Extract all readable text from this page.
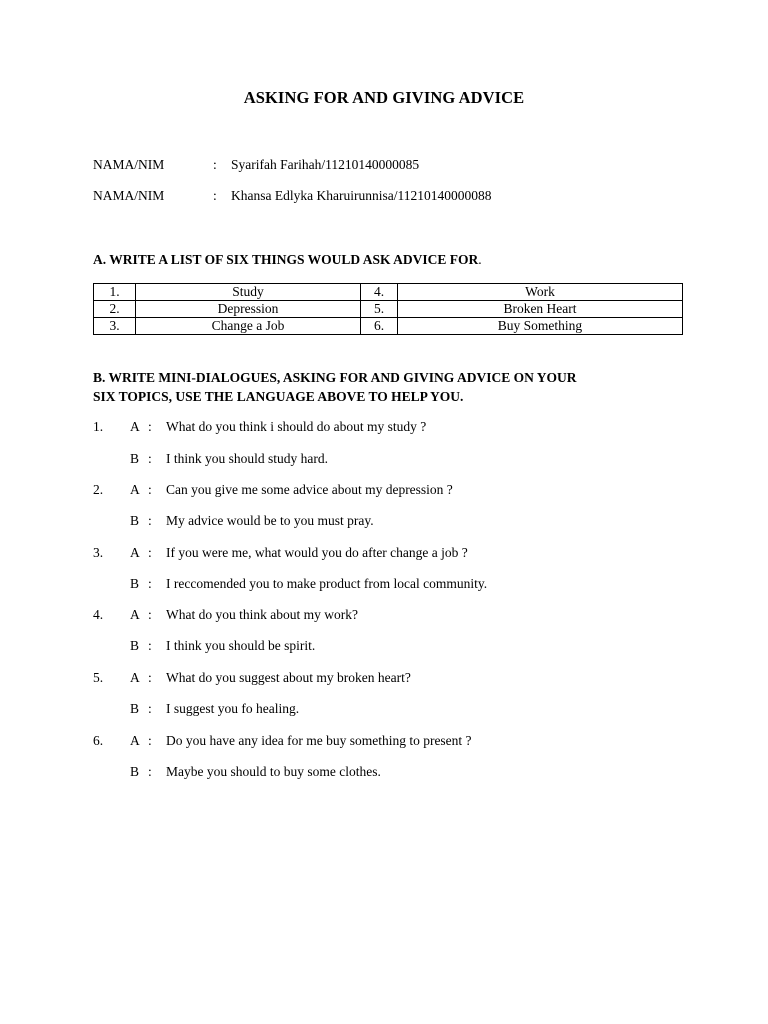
ASKING FOR AND GIVING ADVICE
NAMA/NIM	: Syarifah Farihah/11210140000085
NAMA/NIM	: Khansa Edlyka Kharuirunnisa/11210140000088
A. WRITE A LIST OF SIX THINGS WOULD ASK ADVICE FOR.
1.	Study	4.	Work
2.	Depression	5.	Broken Heart
3.	Change a Job	6.	Buy Something
B. WRITE MINI-DIALOGUES, ASKING FOR AND GIVING ADVICE ON YOUR
SIX TOPICS, USE THE LANGUAGE ABOVE TO HELP YOU.
1. A : What do you think i should do about my study ?
B : I think you should study hard.
2. A : Can you give me some advice about my depression ?
B : My advice would be to you must pray.
3. A : If you were me, what would you do after change a job ?
B : I reccomended you to make product from local community.
4. A : What do you think about my work?
B : I think you should be spirit.
5. A : What do you suggest about my broken heart?
B : I suggest you fo healing.
6. A : Do you have any idea for me buy something to present ?
B : Maybe you should to buy some clothes.
